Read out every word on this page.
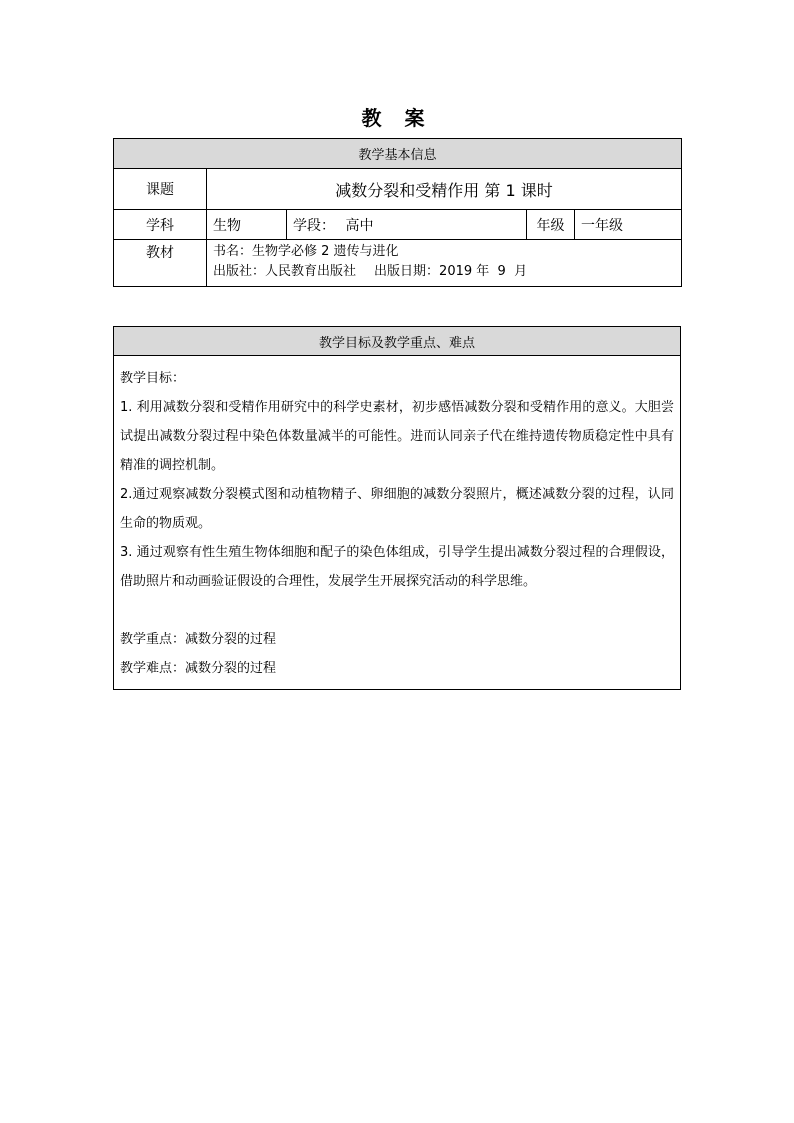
教 案
教学基本信息				
课题	减数分裂和受精作用 第 1 课时			
学科	生物	学段： 高中	年级	一年级
教材	书名：生物学必修 2 遗传与进化
出版社：人民教育出版社 出版日期：2019 年  9  月			
教学目标及教学重点、难点

教学目标：

1. 利用减数分裂和受精作用研究中的科学史素材，初步感悟减数分裂和受精作用的意义。大胆尝试提出减数分裂过程中染色体数量减半的可能性。进而认同亲子代在维持遗传物质稳定性中具有精准的调控机制。

2.通过观察减数分裂模式图和动植物精子、卵细胞的减数分裂照片，概述减数分裂的过程，认同生命的物质观。

3. 通过观察有性生殖生物体细胞和配子的染色体组成，引导学生提出减数分裂过程的合理假设，借助照片和动画验证假设的合理性，发展学生开展探究活动的科学思维。

教学重点：减数分裂的过程

教学难点：减数分裂的过程
